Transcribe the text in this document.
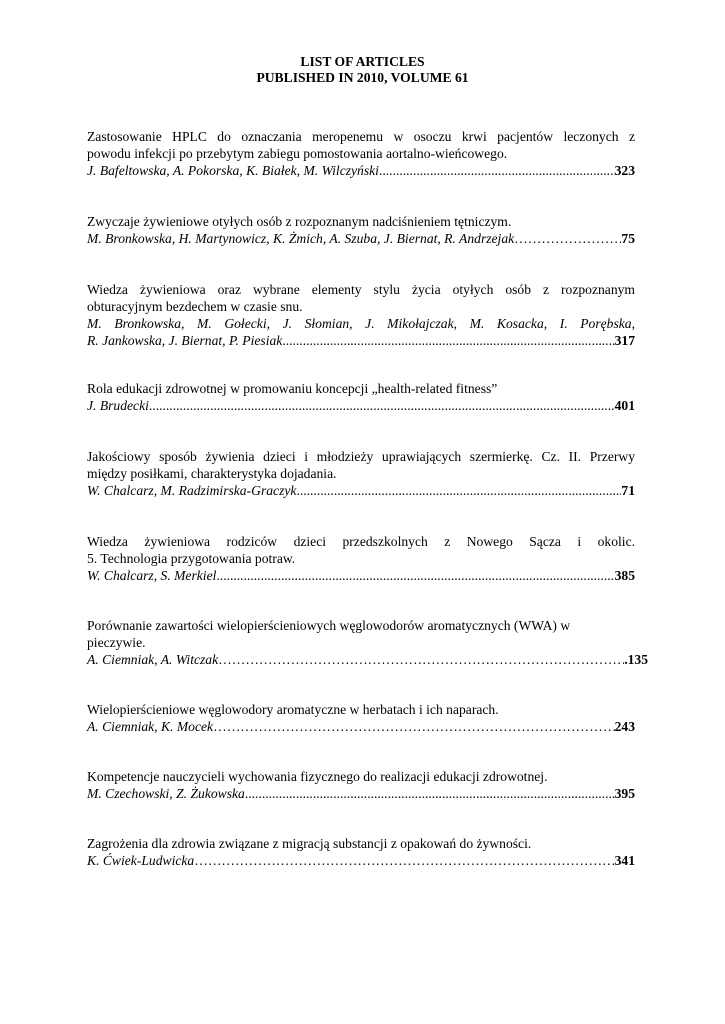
LIST OF ARTICLES
PUBLISHED IN 2010, VOLUME 61
Zastosowanie HPLC do oznaczania meropenemu w osoczu krwi pacjentów leczonych z
powodu infekcji po przebytym zabiegu pomostowania aortalno-wieńcowego.
J. Bafeltowska, A. Pokorska, K. Białek, M. Wilczyński .....	323
Zwyczaje żywieniowe otyłych osób z rozpoznanym nadciśnieniem tętniczym.
M. Bronkowska, H. Martynowicz, K. Żmich, A. Szuba, J. Biernat, R. Andrzejak …………………………………………………………………………………………………………………………………………………………………………	75
Wiedza żywieniowa oraz wybrane elementy stylu życia otyłych osób z rozpoznanym
obturacyjnym bezdechem w czasie snu.
M. Bronkowska, M. Gołecki, J. Słomian, J. Mikołajczak, M. Kosacka, I. Porębska,
R. Jankowska, J. Biernat, P. Piesiak .....	317
Rola edukacji zdrowotnej w promowaniu koncepcji „health-related fitness”
J. Brudecki .....	401
Jakościowy sposób żywienia dzieci i młodzieży uprawiających szermierkę. Cz. II. Przerwy
między posiłkami, charakterystyka dojadania.
W. Chalcarz, M. Radzimirska-Graczyk .....	71
Wiedza żywieniowa rodziców dzieci przedszkolnych z Nowego Sącza i okolic.
5. Technologia przygotowania potraw.
W. Chalcarz, S. Merkiel .....	385
Porównanie zawartości wielopierścieniowych węglowodorów aromatycznych (WWA) w
pieczywie.
A. Ciemniak, A. Witczak …………………………………………………………………………………………………………………………………………………………………………	.135
Wielopierścieniowe węglowodory aromatyczne w herbatach i ich naparach.
A. Ciemniak, K. Mocek …………………………………………………………………………………………………………………………………………………………………………	243
Kompetencje nauczycieli wychowania fizycznego do realizacji edukacji zdrowotnej.
M. Czechowski, Z. Żukowska .....	395
Zagrożenia dla zdrowia związane z migracją substancji z opakowań do żywności.
K. Ćwiek-Ludwicka …………………………………………………………………………………………………………………………………………………………………………	341
